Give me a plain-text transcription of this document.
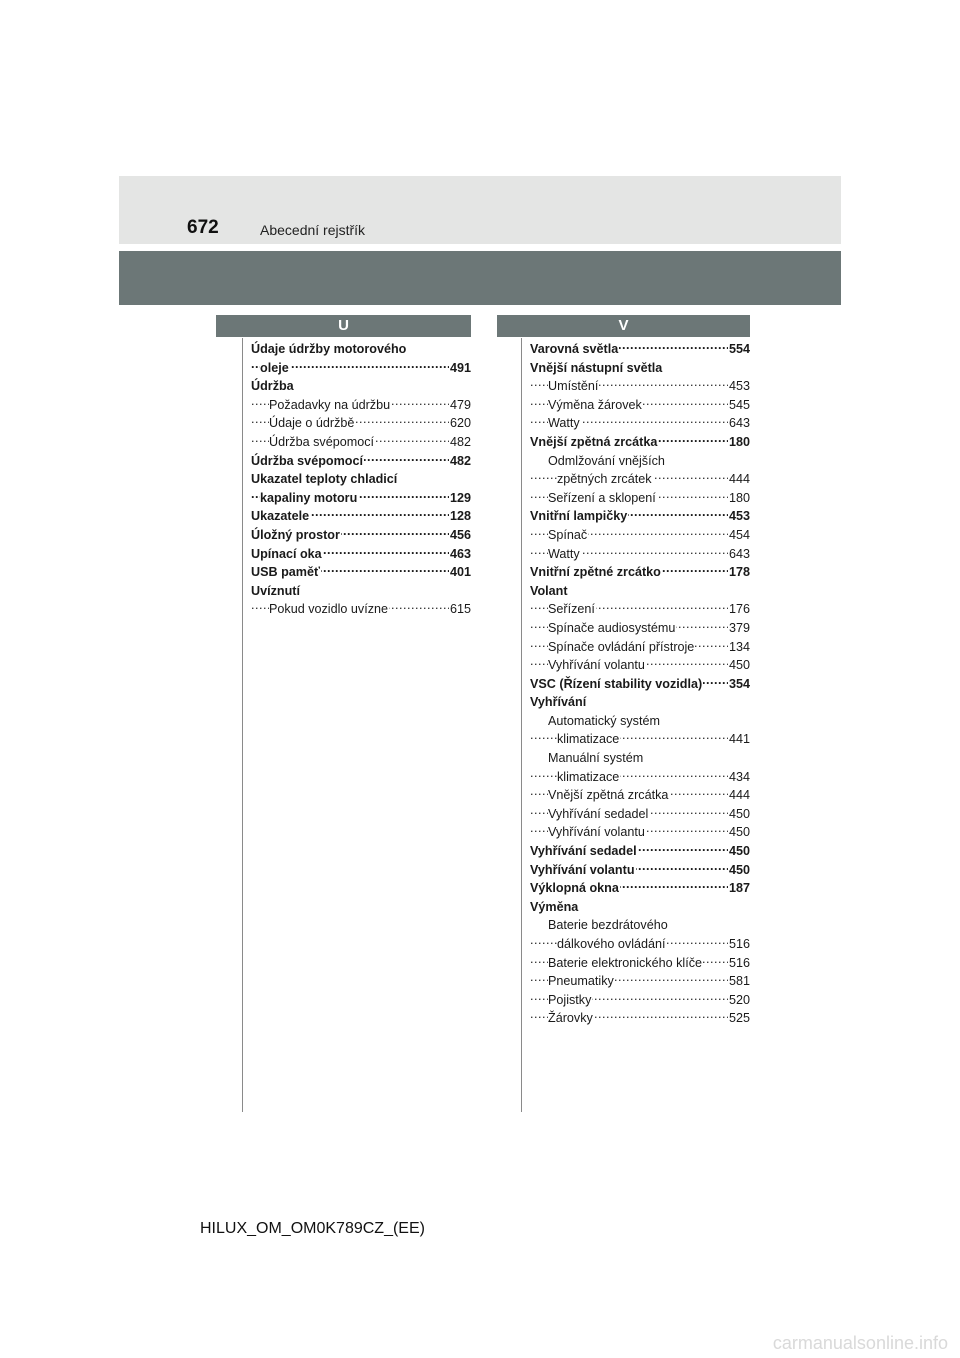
672	Abecední rejstřík
U	V
Údaje údržby motorového
.....
oleje	491
Údržba
.....
Požadavky na údržbu	479
.....
Údaje o údržbě	620
.....
Údržba svépomocí	482
.....
Údržba svépomocí	482
Ukazatel teploty chladicí
.....
kapaliny motoru	129
.....
Ukazatele	128
.....
Úložný prostor	456
.....
Upínací oka	463
.....
USB paměť	401
Uvíznutí
.....
Pokud vozidlo uvízne	615
.....
Varovná světla	554
Vnější nástupní světla
.....
Umístění	453
.....
Výměna žárovek	545
.....
Watty	643
.....
Vnější zpětná zrcátka	180
Odmlžování vnějších
.....
zpětných zrcátek	444
.....
Seřízení a sklopení	180
.....
Vnitřní lampičky	453
.....
Spínač	454
.....
Watty	643
.....
Vnitřní zpětné zrcátko	178
Volant
.....
Seřízení	176
.....
Spínače audiosystému	379
.....
Spínače ovládání přístroje	134
.....
Vyhřívání volantu	450
.....
VSC (Řízení stability vozidla) 354
Vyhřívání
Automatický systém
.....
klimatizace	441
Manuální systém
.....
klimatizace	434
.....
Vnější zpětná zrcátka	444
.....
Vyhřívání sedadel	450
.....
Vyhřívání volantu	450
.....
Vyhřívání sedadel	450
.....
Vyhřívání volantu	450
.....
Výklopná okna	187
Výměna
Baterie bezdrátového
.....
dálkového ovládání	516
.....
Baterie elektronického klíče 516
.....
Pneumatiky	581
.....
Pojistky	520
.....
Žárovky	525
HILUX_OM_OM0K789CZ_(EE)
carmanualsonline.info
